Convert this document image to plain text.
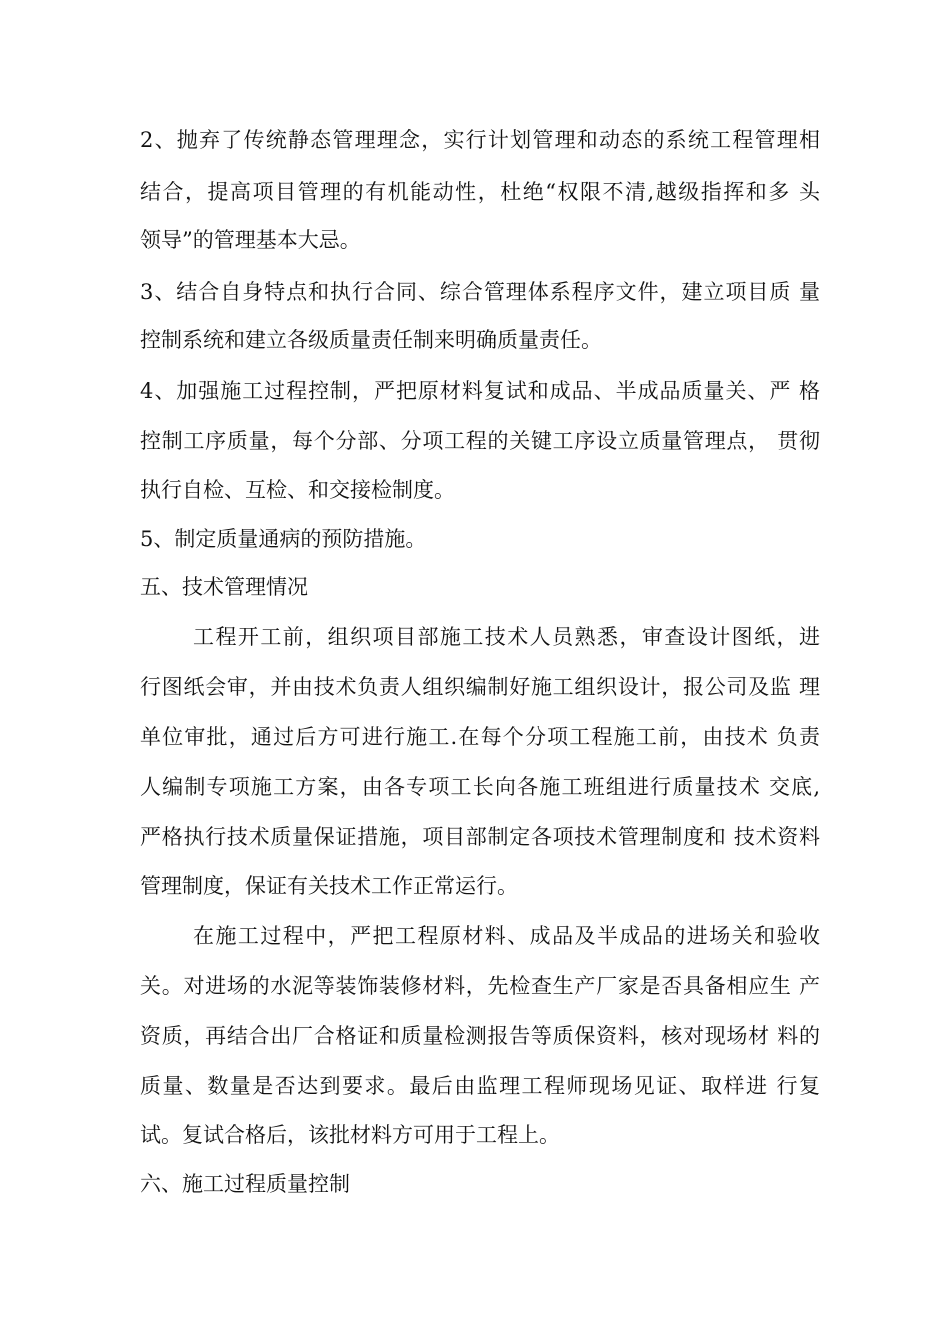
2、抛弃了传统静态管理理念，实行计划管理和动态的系统工程管理相
结合，提高项目管理的有机能动性，杜绝“权限不清,越级指挥和多 头
领导”的管理基本大忌。
3、结合自身特点和执行合同、综合管理体系程序文件，建立项目质 量
控制系统和建立各级质量责任制来明确质量责任。
4、加强施工过程控制，严把原材料复试和成品、半成品质量关、严 格
控制工序质量，每个分部、分项工程的关键工序设立质量管理点， 贯彻
执行自检、互检、和交接检制度。
5、制定质量通病的预防措施。
五、技术管理情况
工程开工前，组织项目部施工技术人员熟悉，审查设计图纸，进
行图纸会审，并由技术负责人组织编制好施工组织设计，报公司及监 理
单位审批，通过后方可进行施工.在每个分项工程施工前，由技术 负责
人编制专项施工方案，由各专项工长向各施工班组进行质量技术 交底,
严格执行技术质量保证措施，项目部制定各项技术管理制度和 技术资料
管理制度，保证有关技术工作正常运行。
在施工过程中，严把工程原材料、成品及半成品的进场关和验收
关。对进场的水泥等装饰装修材料，先检查生产厂家是否具备相应生 产
资质，再结合出厂合格证和质量检测报告等质保资料，核对现场材 料的
质量、数量是否达到要求。最后由监理工程师现场见证、取样进 行复
试。复试合格后，该批材料方可用于工程上。
六、施工过程质量控制
